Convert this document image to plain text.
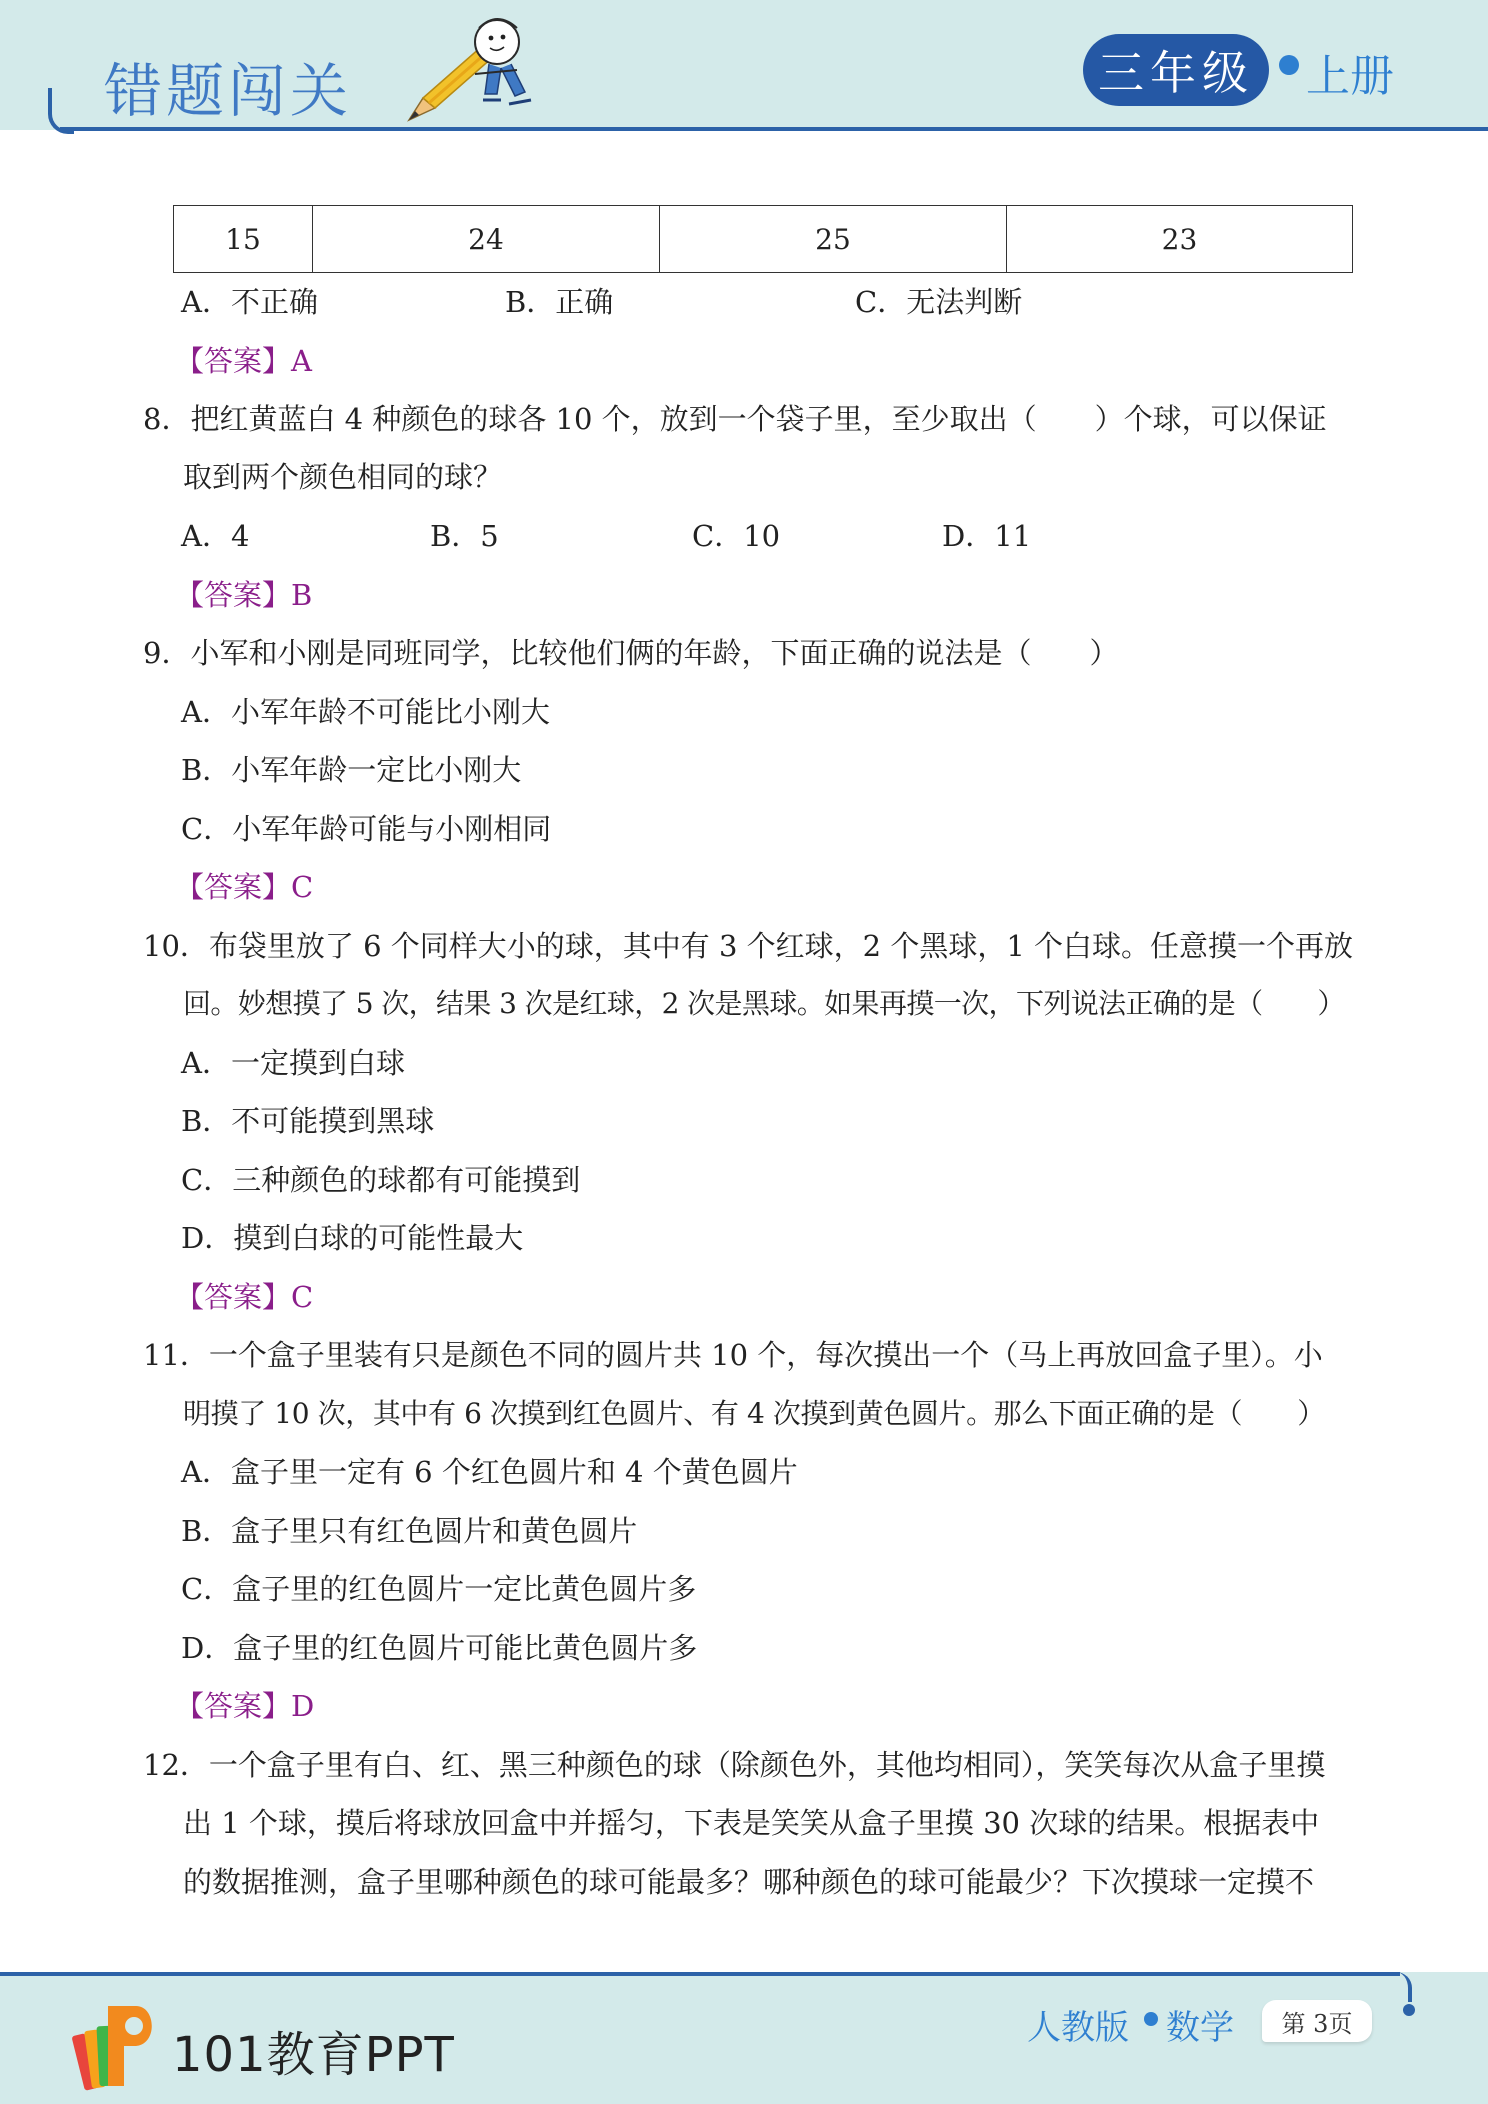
错题闯关	三年级	上册
15	24	25	23
A．不正确	B．正确	C．无法判断
【答案】A
8．把红黄蓝白 4 种颜色的球各 10 个，放到一个袋子里，至少取出（　　）个球，可以保证
取到两个颜色相同的球？
A．4	B．5	C．10	D．11
【答案】B
9．小军和小刚是同班同学，比较他们俩的年龄，下面正确的说法是（　　）
A．小军年龄不可能比小刚大
B．小军年龄一定比小刚大
C．小军年龄可能与小刚相同
【答案】C
10．布袋里放了 6 个同样大小的球，其中有 3 个红球，2 个黑球，1 个白球。任意摸一个再放
回。妙想摸了 5 次，结果 3 次是红球，2 次是黑球。如果再摸一次，下列说法正确的是（　　）
A．一定摸到白球
B．不可能摸到黑球
C．三种颜色的球都有可能摸到
D．摸到白球的可能性最大
【答案】C
11．一个盒子里装有只是颜色不同的圆片共 10 个，每次摸出一个（马上再放回盒子里）。小
明摸了 10 次，其中有 6 次摸到红色圆片、有 4 次摸到黄色圆片。那么下面正确的是（　　）
A．盒子里一定有 6 个红色圆片和 4 个黄色圆片
B．盒子里只有红色圆片和黄色圆片
C．盒子里的红色圆片一定比黄色圆片多
D．盒子里的红色圆片可能比黄色圆片多
【答案】D
12．一个盒子里有白、红、黑三种颜色的球（除颜色外，其他均相同），笑笑每次从盒子里摸
出 1 个球，摸后将球放回盒中并摇匀，下表是笑笑从盒子里摸 30 次球的结果。根据表中
的数据推测，盒子里哪种颜色的球可能最多？哪种颜色的球可能最少？下次摸球一定摸不
101教育PPT	人教版 数学	第 3页
